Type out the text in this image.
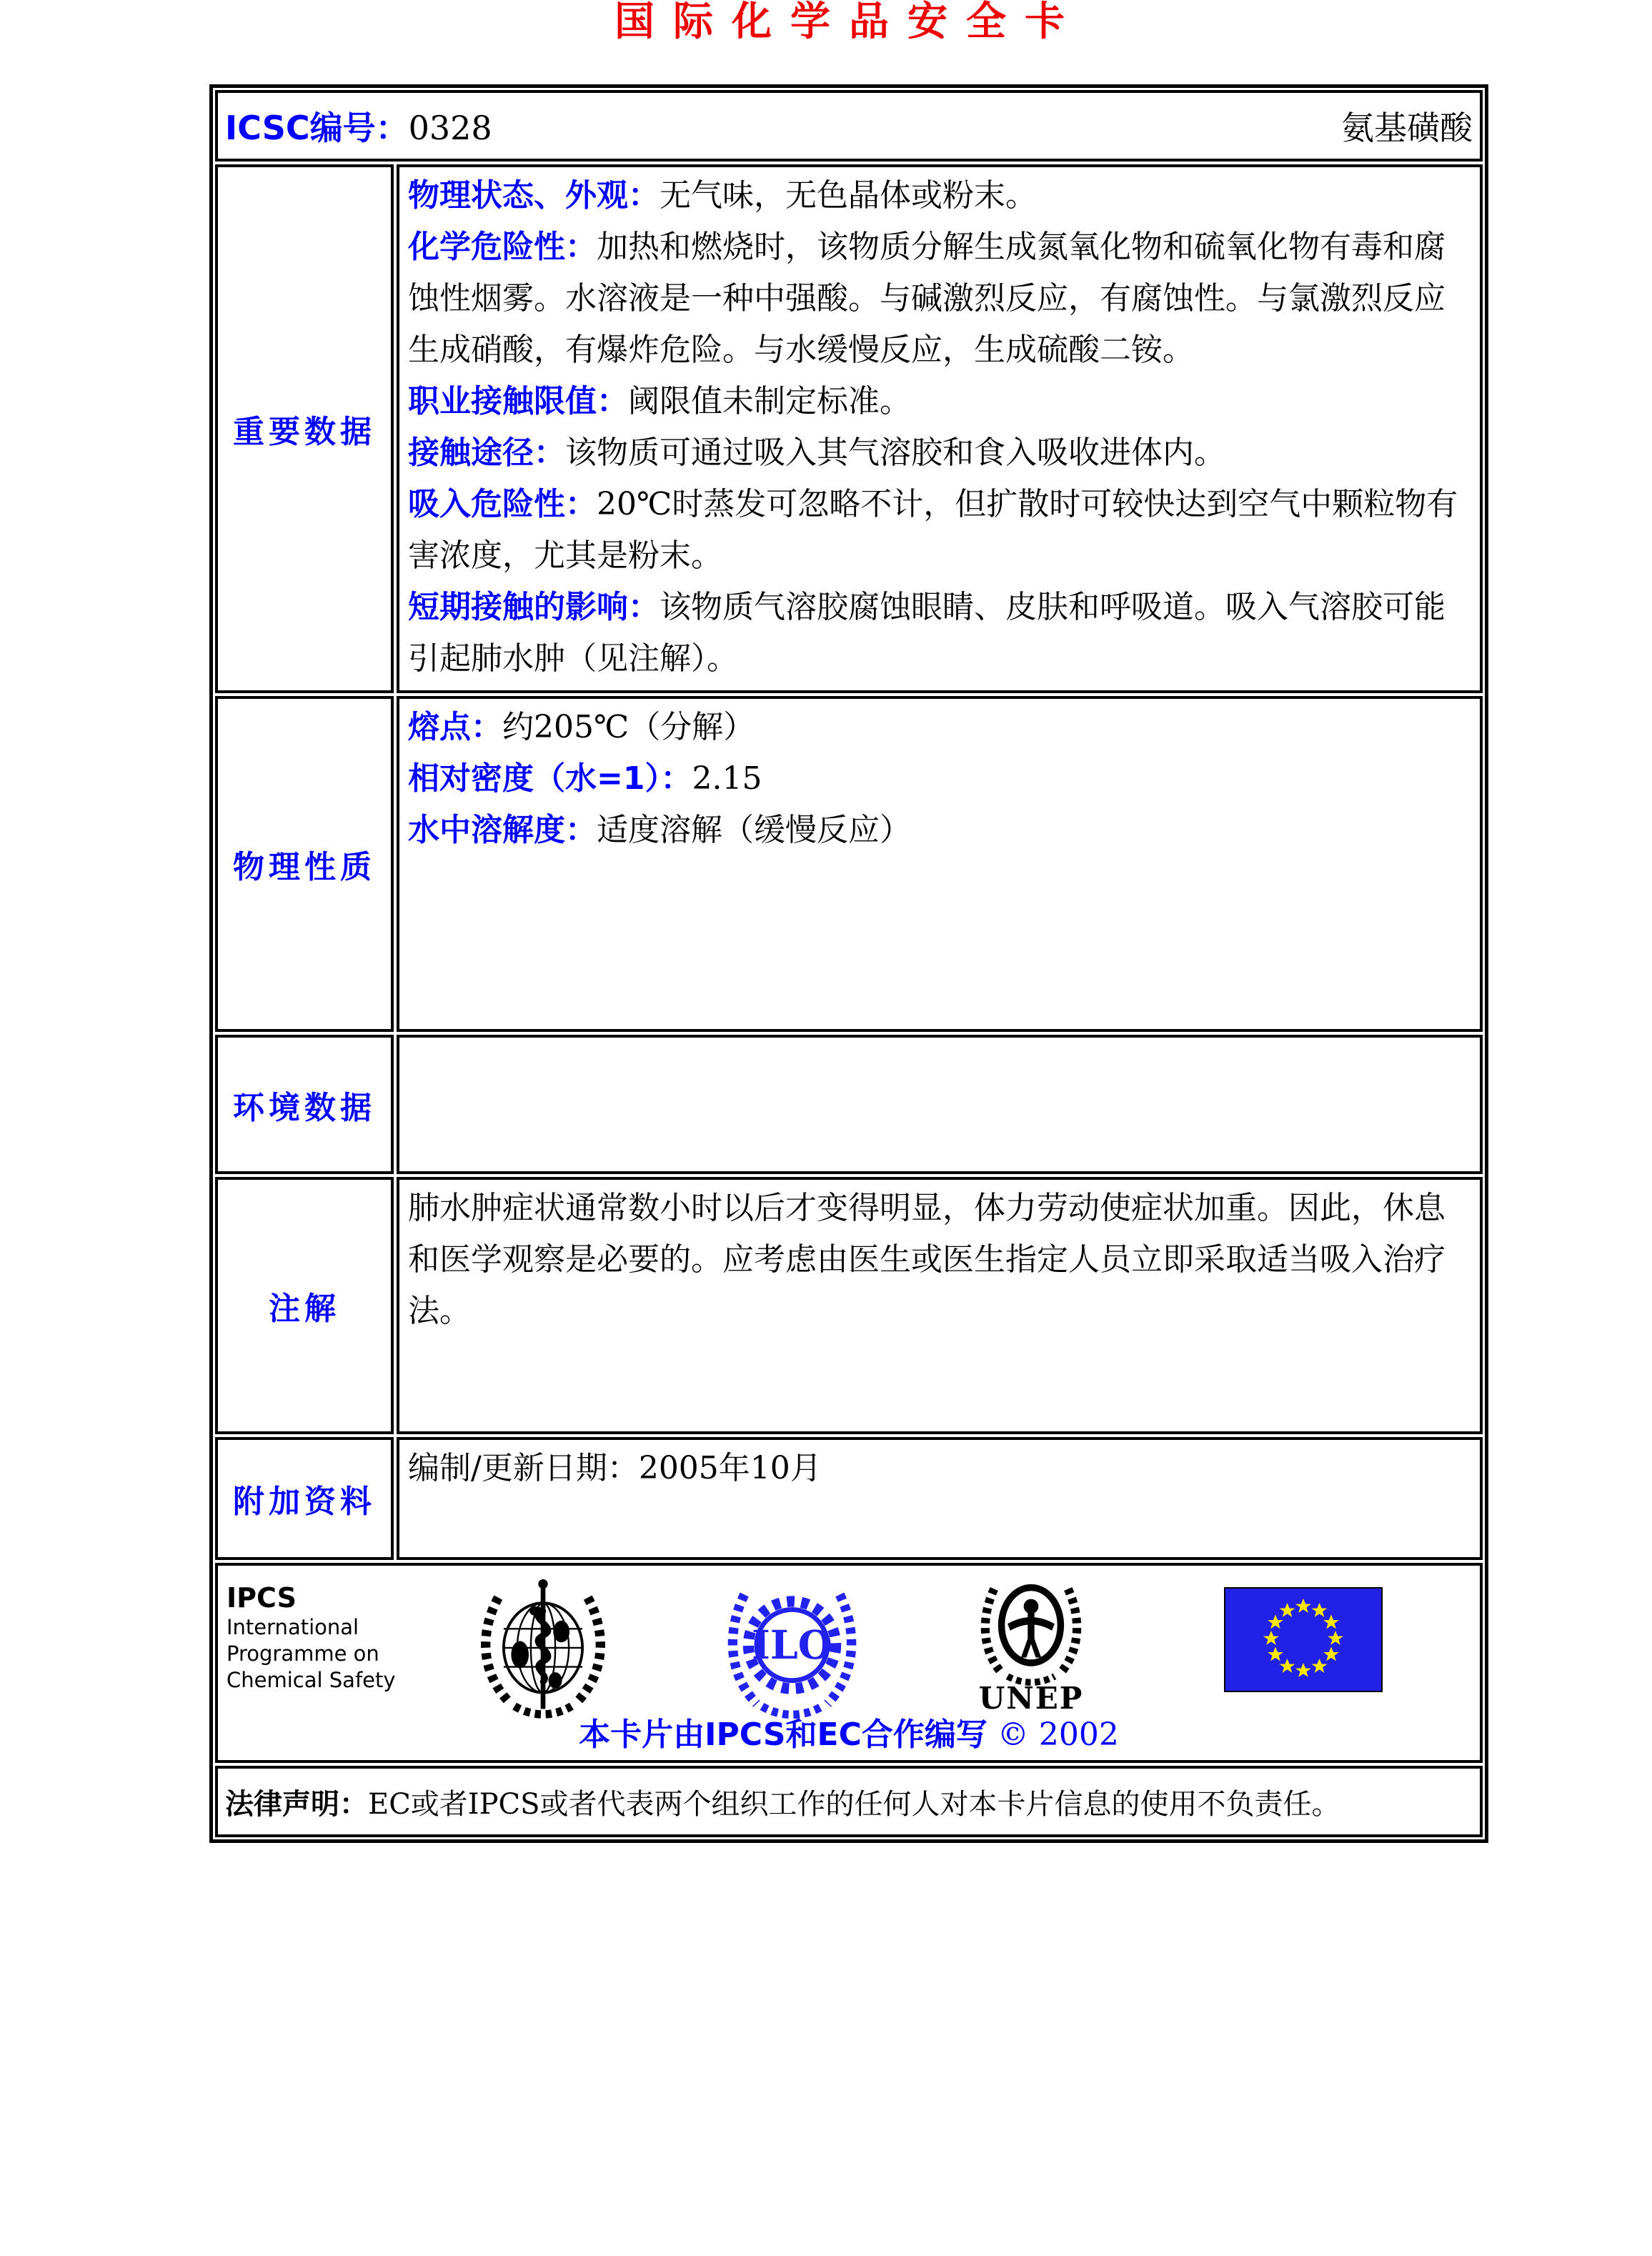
国际化学品安全卡
ICSC编号：0328	氨基磺酸
重要数据

物理状态、外观：无气味，无色晶体或粉末。

化学危险性：加热和燃烧时，该物质分解生成氮氧化物和硫氧化物有毒和腐蚀性烟雾。水溶液是一种中强酸。与碱激烈反应，有腐蚀性。与氯激烈反应生成硝酸，有爆炸危险。与水缓慢反应，生成硫酸二铵。

职业接触限值：阈限值未制定标准。

接触途径：该物质可通过吸入其气溶胶和食入吸收进体内。

吸入危险性：20℃时蒸发可忽略不计，但扩散时可较快达到空气中颗粒物有害浓度，尤其是粉末。

短期接触的影响：该物质气溶胶腐蚀眼睛、皮肤和呼吸道。吸入气溶胶可能引起肺水肿（见注解）。

物理性质

熔点：约205℃（分解）

相对密度（水=1）：2.15

水中溶解度：适度溶解（缓慢反应）

环境数据
注解

肺水肿症状通常数小时以后才变得明显，体力劳动使症状加重。因此，休息和医学观察是必要的。应考虑由医生或医生指定人员立即采取适当吸入治疗法。

附加资料

编制/更新日期：2005年10月

IPCS
International
Programme on
Chemical Safety
ILO
UNEP
本卡片由IPCS和EC合作编写 © 2002
法律声明： EC或者IPCS或者代表两个组织工作的任何人对本卡片信息的使用不负责任。
